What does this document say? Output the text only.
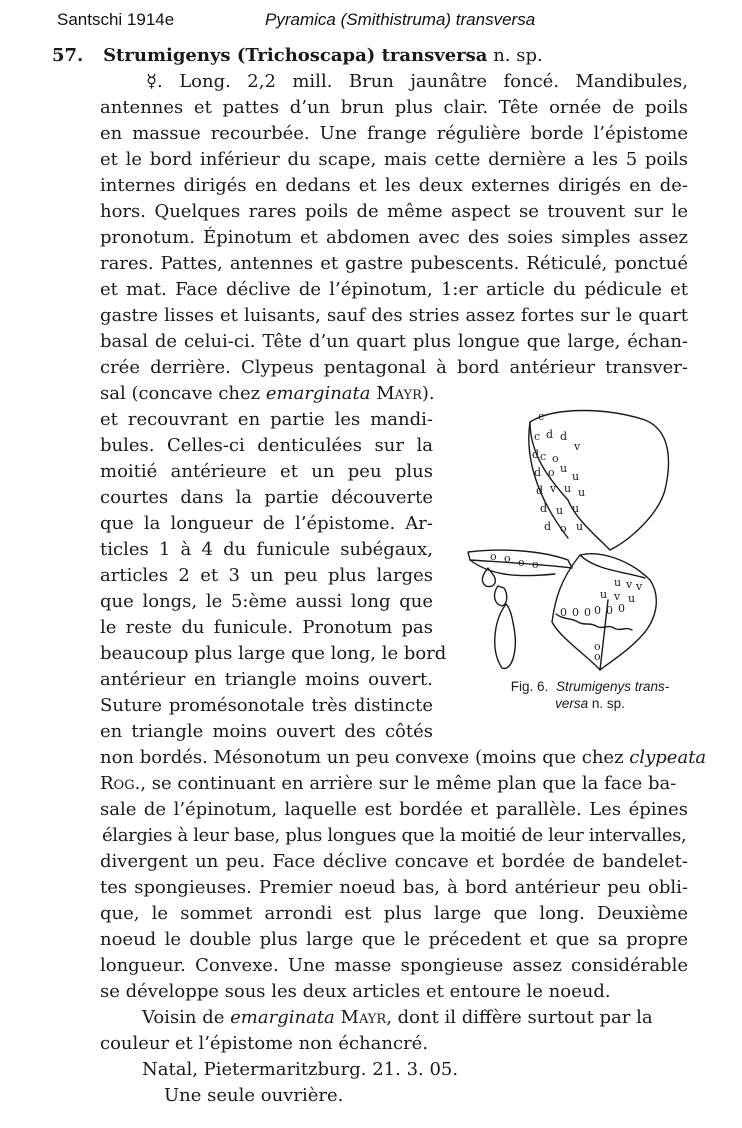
Santschi 1914e	Pyramica (Smithistruma) transversa
57. Strumigenys (Trichoscapa) transversa n. sp.
☿. Long. 2,2 mill. Brun jaunâtre foncé. Mandibules,
antennes et pattes d’un brun plus clair. Tête ornée de poils
en massue recourbée. Une frange régulière borde l’épistome
et le bord inférieur du scape, mais cette dernière a les 5 poils
internes dirigés en dedans et les deux externes dirigés en de-
hors. Quelques rares poils de même aspect se trouvent sur le
pronotum. Épinotum et abdomen avec des soies simples assez
rares. Pattes, antennes et gastre pubescents. Réticulé, ponctué
et mat. Face déclive de l’épinotum, 1:er article du pédicule et
gastre lisses et luisants, sauf des stries assez fortes sur le quart
basal de celui-ci. Tête d’un quart plus longue que large, échan-
crée derrière. Clypeus pentagonal à bord antérieur transver-
sal (concave chez emarginata Mayr).
et recouvrant en partie les mandi-
bules. Celles-ci denticulées sur la
moitié antérieure et un peu plus
courtes dans la partie découverte
que la longueur de l’épistome. Ar-
ticles 1 à 4 du funicule subégaux,
articles 2 et 3 un peu plus larges
que longs, le 5:ème aussi long que
le reste du funicule. Pronotum pas
beaucoup plus large que long, le bord
antérieur en triangle moins ouvert.
Suture promésonotale très distincte
en triangle moins ouvert des côtés
non bordés. Mésonotum un peu convexe (moins que chez clypeata
Rog., se continuant en arrière sur le même plan que la face ba-
sale de l’épinotum, laquelle est bordée et parallèle. Les épines
élargies à leur base, plus longues que la moitié de leur intervalles,
divergent un peu. Face déclive concave et bordée de bandelet-
tes spongieuses. Premier noeud bas, à bord antérieur peu obli-
que, le sommet arrondi est plus large que long. Deuxième
noeud le double plus large que le précedent et que sa propre
longueur. Convexe. Une masse spongieuse assez considérable
se développe sous les deux articles et entoure le noeud.
Voisin de emarginata Mayr, dont il diffère surtout par la
couleur et l’épistome non échancré.
Natal, Pietermaritzburg. 21. 3. 05.
Une seule ouvrière.
c
d d
c
d c o
v
d o u
u
d v u u
d u u
d o u
u v v
u v u
0 0 0 0 0 0
o
o
o o o o
Fig. 6. Strumigenys trans-
versa n. sp.
